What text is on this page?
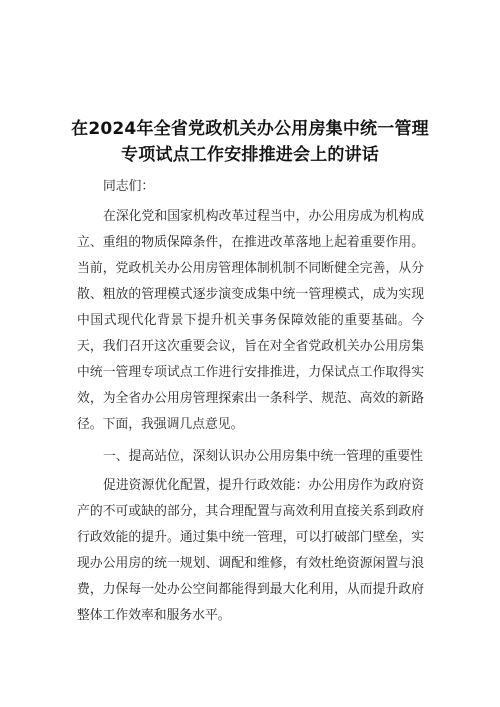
在2024年全省党政机关办公用房集中统一管理
专项试点工作安排推进会上的讲话

同志们：

在深化党和国家机构改革过程当中，办公用房成为机构成立、重组的物质保障条件，在推进改革落地上起着重要作用。当前，党政机关办公用房管理体制机制不同断健全完善，从分散、粗放的管理模式逐步演变成集中统一管理模式，成为实现中国式现代化背景下提升机关事务保障效能的重要基础。今天，我们召开这次重要会议，旨在对全省党政机关办公用房集中统一管理专项试点工作进行安排推进，力保试点工作取得实效，为全省办公用房管理探索出一条科学、规范、高效的新路径。下面，我强调几点意见。

一、提高站位，深刻认识办公用房集中统一管理的重要性

促进资源优化配置，提升行政效能：办公用房作为政府资产的不可或缺的部分，其合理配置与高效利用直接关系到政府行政效能的提升。通过集中统一管理，可以打破部门壁垒，实现办公用房的统一规划、调配和维修，有效杜绝资源闲置与浪费，力保每一处办公空间都能得到最大化利用，从而提升政府整体工作效率和服务水平。
